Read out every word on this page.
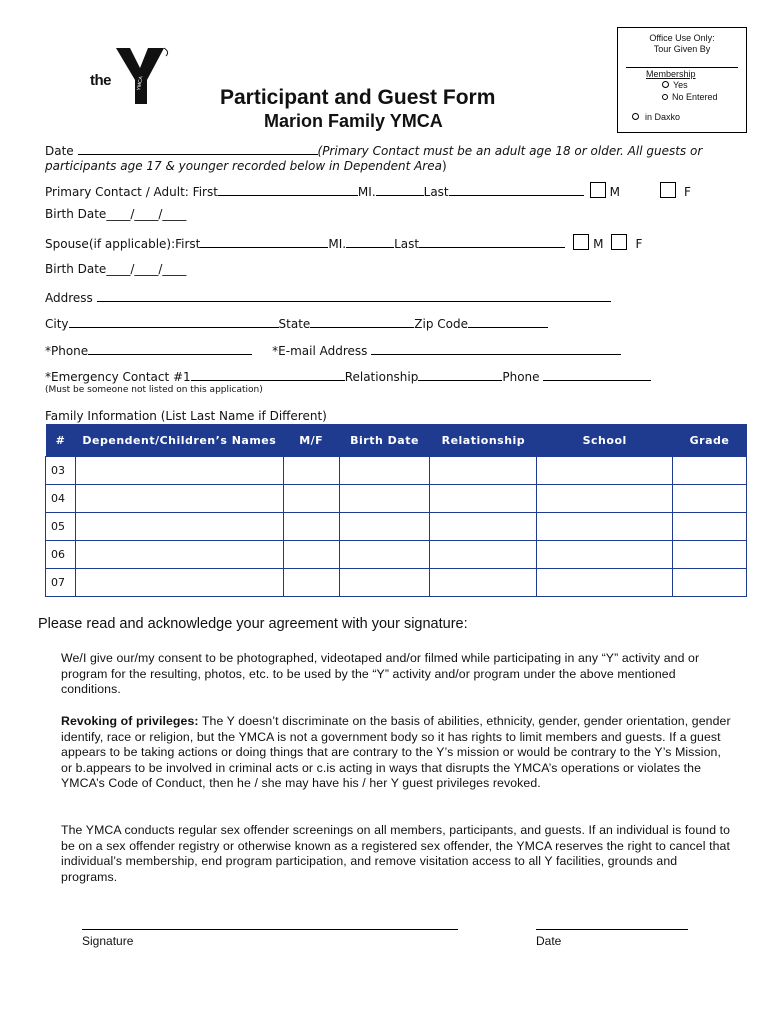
the	YMCA
Participant and Guest Form
Marion Family YMCA
Office Use Only:
Tour Given By
Membership
Yes
No Entered
in Daxko
Date	(Primary Contact must be an adult age 18 or older. All guests or
participants age 17 & younger recorded below in Dependent Area)
Primary Contact / Adult: First	MI.	Last	M	F
Birth Date____/____/____
Spouse(if applicable):First	MI.	Last	M	F
Birth Date____/____/____
Address
City	State	Zip Code
*Phone	*E-mail Address
*Emergency Contact #1	Relationship	Phone
(Must be someone not listed on this application)
Family Information (List Last Name if Different)
#	Dependent/Children’s Names	M/F	Birth Date	Relationship	School	Grade
03						
04						
05						
06						
07						
Please read and acknowledge your agreement with your signature:
We/I give our/my consent to be photographed, videotaped and/or filmed while participating in any “Y” activity and or program for the resulting, photos, etc. to be used by the “Y” activity and/or program under the above mentioned conditions.
Revoking of privileges: The Y doesn’t discriminate on the basis of abilities, ethnicity, gender, gender orientation, gender identify, race or religion, but the YMCA is not a government body so it has rights to limit members and guests. If a guest appears to be taking actions or doing things that are contrary to the Y’s mission or would be contrary to the Y’s Mission, or b.appears to be involved in criminal acts or c.is acting in ways that disrupts the YMCA’s operations or violates the YMCA’s Code of Conduct, then he / she may have his / her Y guest privileges revoked.
The YMCA conducts regular sex offender screenings on all members, participants, and guests. If an individual is found to be on a sex offender registry or otherwise known as a registered sex offender, the YMCA reserves the right to cancel that individual’s membership, end program participation, and remove visitation access to all Y facilities, grounds and programs.
Signature	Date
